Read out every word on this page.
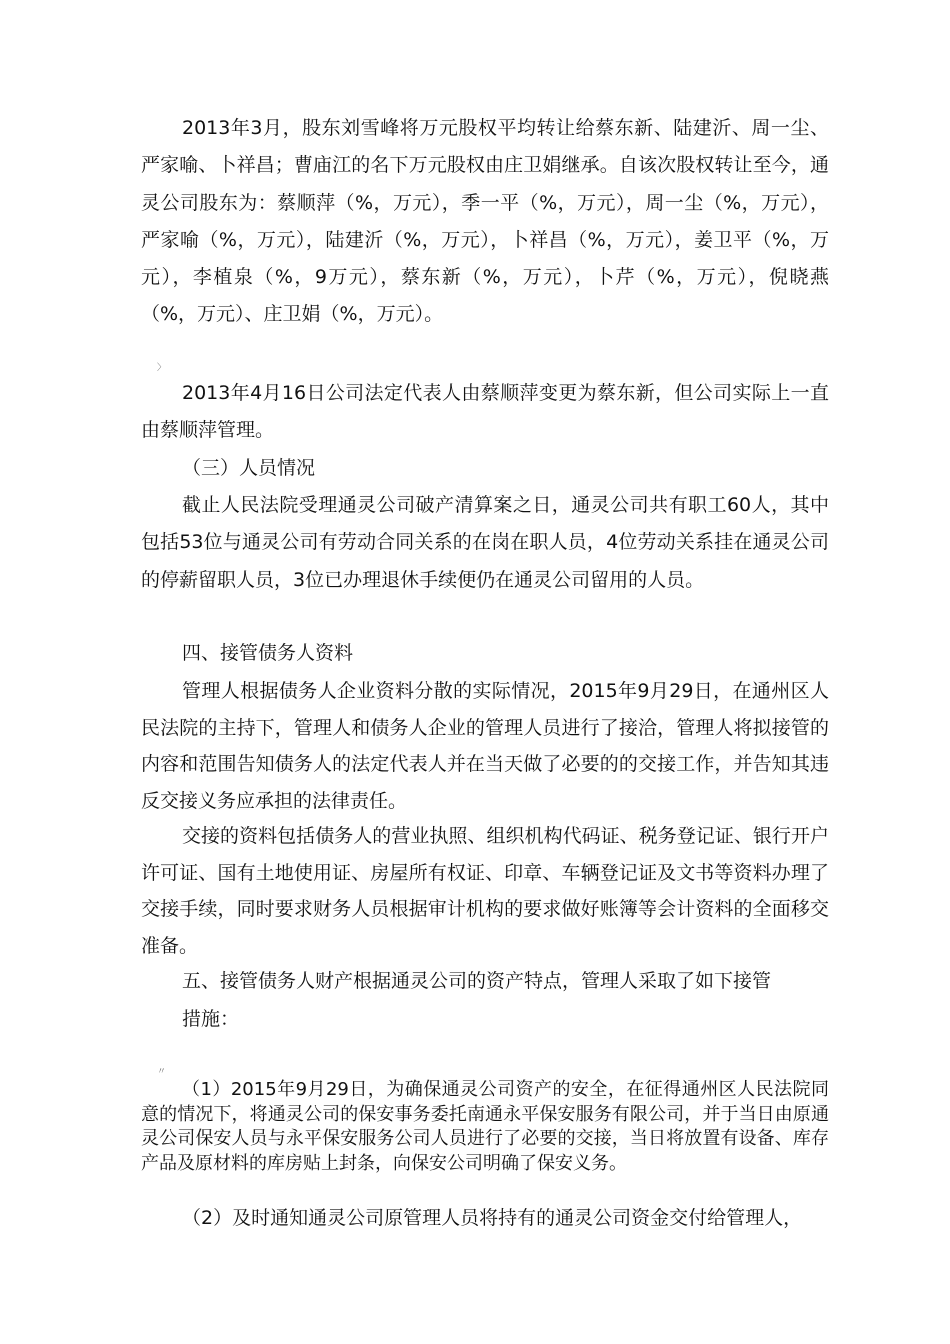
2013年3月，股东刘雪峰将万元股权平均转让给蔡东新、陆建沂、周一尘、严家喻、卜祥昌；曹庙江的名下万元股权由庄卫娟继承。自该次股权转让至今，通灵公司股东为：蔡顺萍（%，万元），季一平（%，万元），周一尘（%，万元），严家喻（%，万元），陆建沂（%，万元），卜祥昌（%，万元），姜卫平（%，万元），李植泉（%，9万元），蔡东新（%，万元），卜芹（%，万元），倪晓燕（%，万元）、庄卫娟（%，万元）。
〉
2013年4月16日公司法定代表人由蔡顺萍变更为蔡东新，但公司实际上一直由蔡顺萍管理。
（三）人员情况
截止人民法院受理通灵公司破产清算案之日，通灵公司共有职工60人，其中包括53位与通灵公司有劳动合同关系的在岗在职人员，4位劳动关系挂在通灵公司的停薪留职人员，3位已办理退休手续便仍在通灵公司留用的人员。
四、接管债务人资料
管理人根据债务人企业资料分散的实际情况，2015年9月29日，在通州区人民法院的主持下，管理人和债务人企业的管理人员进行了接洽，管理人将拟接管的内容和范围告知债务人的法定代表人并在当天做了必要的的交接工作，并告知其违反交接义务应承担的法律责任。
交接的资料包括债务人的营业执照、组织机构代码证、税务登记证、银行开户许可证、国有土地使用证、房屋所有权证、印章、车辆登记证及文书等资料办理了交接手续，同时要求财务人员根据审计机构的要求做好账簿等会计资料的全面移交准备。
五、接管债务人财产根据通灵公司的资产特点，管理人采取了如下接管
措施：
〃
（1）2015年9月29日，为确保通灵公司资产的安全，在征得通州区人民法院同意的情况下，将通灵公司的保安事务委托南通永平保安服务有限公司，并于当日由原通灵公司保安人员与永平保安服务公司人员进行了必要的交接，当日将放置有设备、库存产品及原材料的库房贴上封条，向保安公司明确了保安义务。
（2）及时通知通灵公司原管理人员将持有的通灵公司资金交付给管理人，
